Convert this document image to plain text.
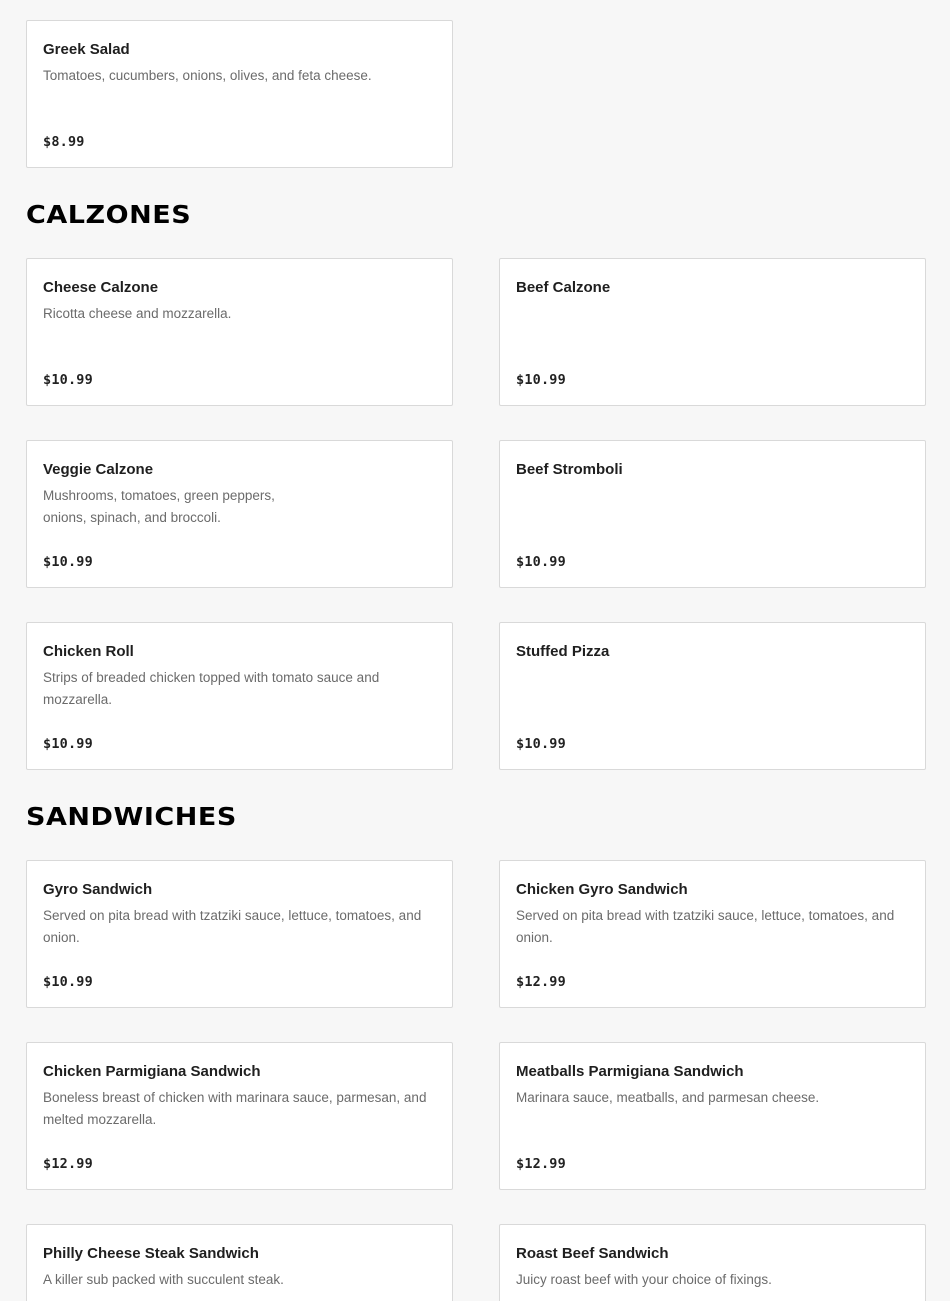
Greek Salad
Tomatoes, cucumbers, onions, olives, and feta cheese.
$8.99
CALZONES
Cheese Calzone
Ricotta cheese and mozzarella.
$10.99
Beef Calzone
$10.99
Veggie Calzone
Mushrooms, tomatoes, green peppers, onions, spinach, and broccoli.
$10.99
Beef Stromboli
$10.99
Chicken Roll
Strips of breaded chicken topped with tomato sauce and mozzarella.
$10.99
Stuffed Pizza
$10.99
SANDWICHES
Gyro Sandwich
Served on pita bread with tzatziki sauce, lettuce, tomatoes, and onion.
$10.99
Chicken Gyro Sandwich
Served on pita bread with tzatziki sauce, lettuce, tomatoes, and onion.
$12.99
Chicken Parmigiana Sandwich
Boneless breast of chicken with marinara sauce, parmesan, and melted mozzarella.
$12.99
Meatballs Parmigiana Sandwich
Marinara sauce, meatballs, and parmesan cheese.
$12.99
Philly Cheese Steak Sandwich
A killer sub packed with succulent steak.
Roast Beef Sandwich
Juicy roast beef with your choice of fixings.
